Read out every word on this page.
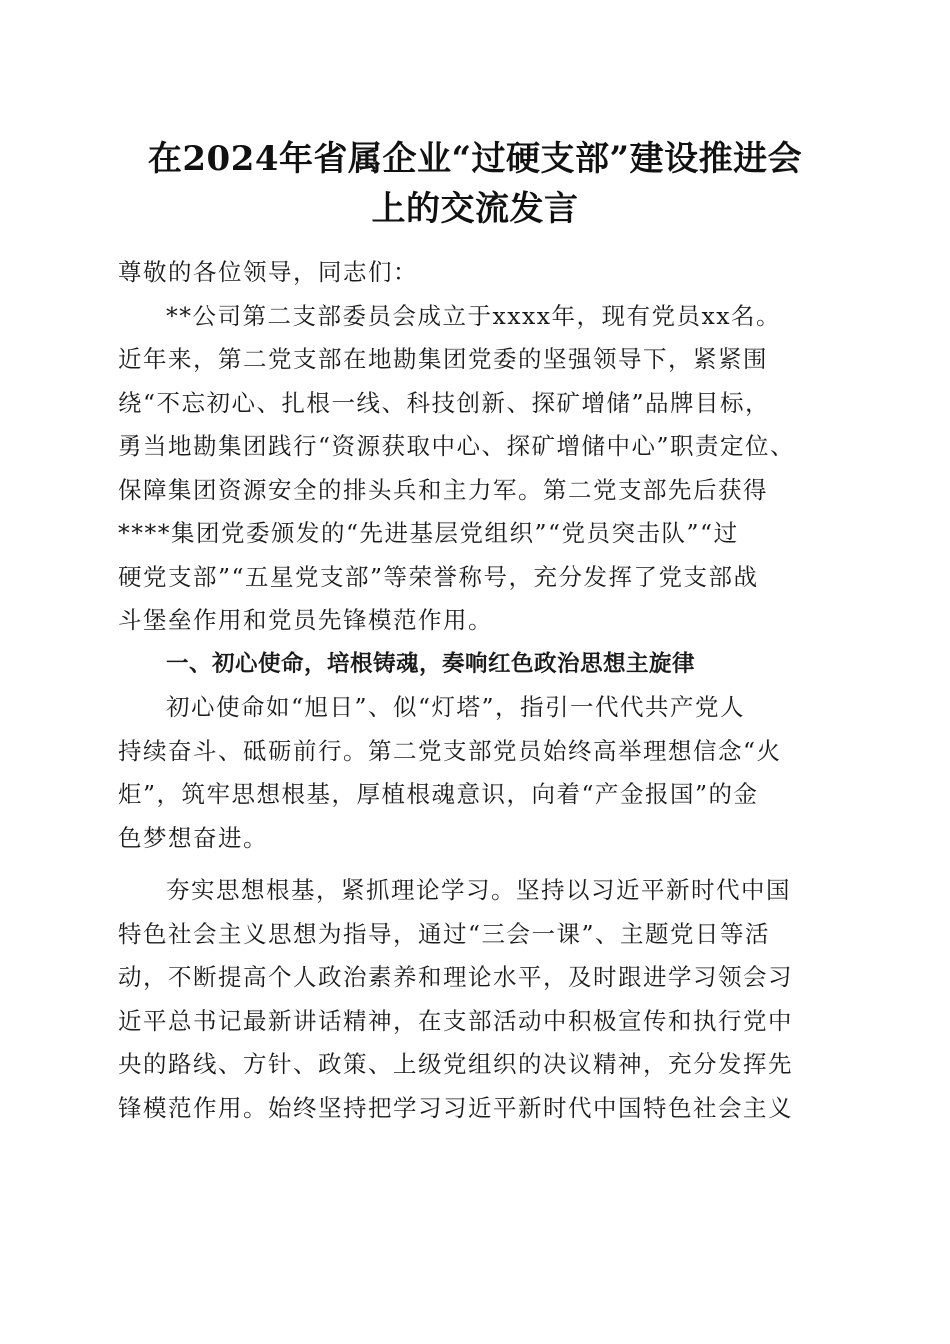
在2024年省属企业“过硬支部”建设推进会
上的交流发言
尊敬的各位领导，同志们：
**公司第二支部委员会成立于xxxx年，现有党员xx名。
近年来，第二党支部在地勘集团党委的坚强领导下，紧紧围
绕“不忘初心、扎根一线、科技创新、探矿增储”品牌目标，
勇当地勘集团践行“资源获取中心、探矿增储中心”职责定位、
保障集团资源安全的排头兵和主力军。第二党支部先后获得
****集团党委颁发的“先进基层党组织”“党员突击队”“过
硬党支部”“五星党支部”等荣誉称号，充分发挥了党支部战
斗堡垒作用和党员先锋模范作用。
一、初心使命，培根铸魂，奏响红色政治思想主旋律
初心使命如“旭日”、似“灯塔”，指引一代代共产党人
持续奋斗、砥砺前行。第二党支部党员始终高举理想信念“火
炬”，筑牢思想根基，厚植根魂意识，向着“产金报国”的金
色梦想奋进。
夯实思想根基，紧抓理论学习。坚持以习近平新时代中国
特色社会主义思想为指导，通过“三会一课”、主题党日等活
动，不断提高个人政治素养和理论水平，及时跟进学习领会习
近平总书记最新讲话精神，在支部活动中积极宣传和执行党中
央的路线、方针、政策、上级党组织的决议精神，充分发挥先
锋模范作用。始终坚持把学习习近平新时代中国特色社会主义
